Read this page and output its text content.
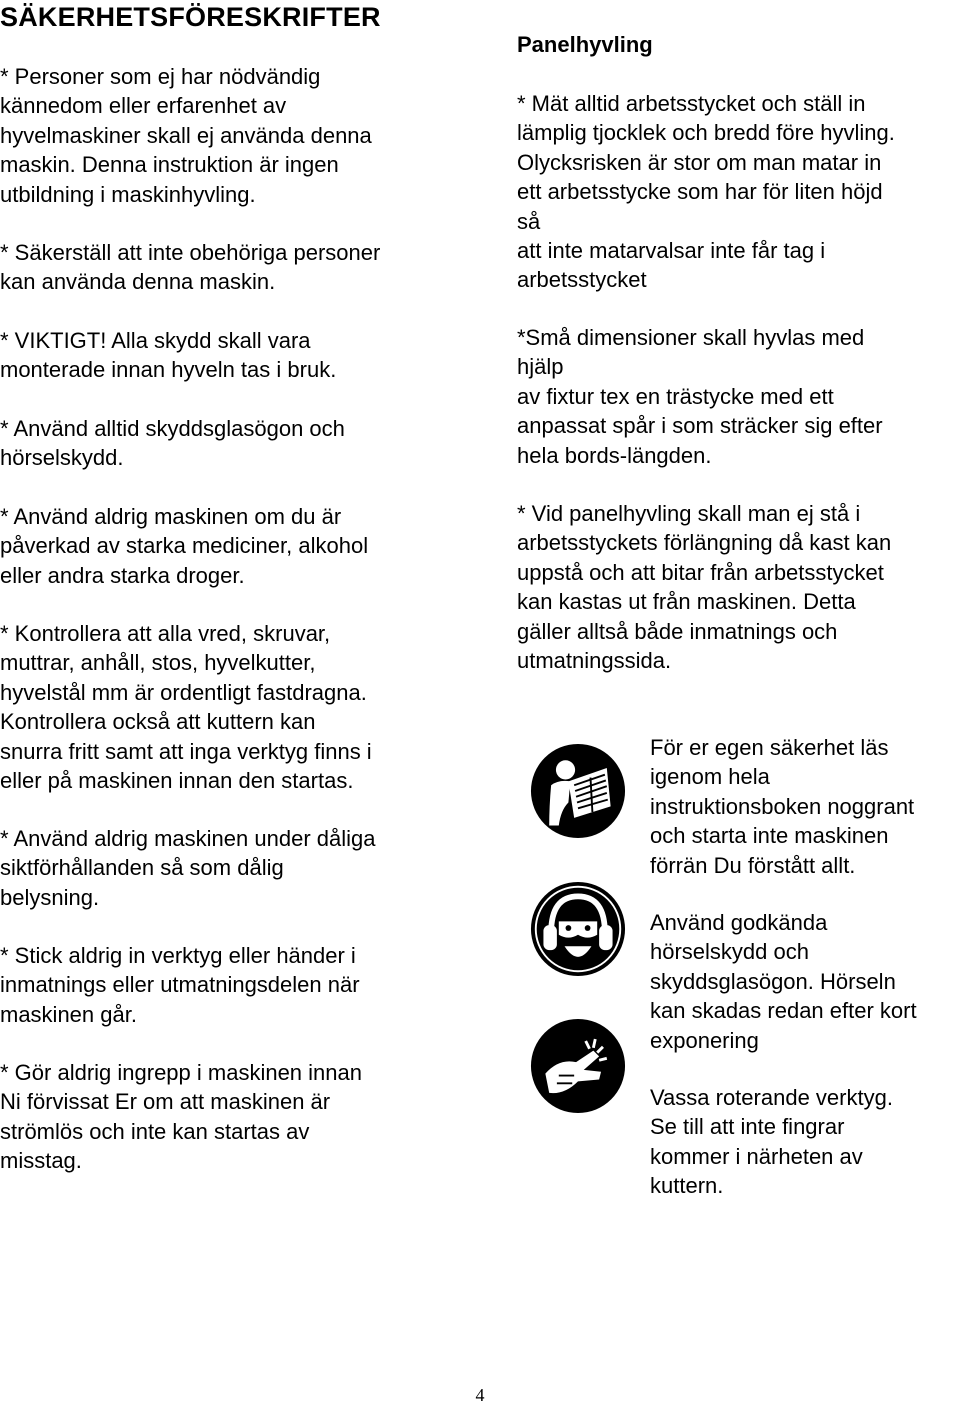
SÄKERHETSFÖRESKRIFTER

* Personer som ej har nödvändig
kännedom eller erfarenhet av
hyvelmaskiner skall ej använda denna
maskin. Denna instruktion är ingen
utbildning i maskinhyvling.

* Säkerställ att inte obehöriga personer
kan använda denna maskin.

* VIKTIGT! Alla skydd skall vara
monterade innan hyveln tas i bruk.

* Använd alltid skyddsglasögon och
hörselskydd.

* Använd aldrig maskinen om du är
påverkad av starka mediciner, alkohol
eller andra starka droger.

* Kontrollera att alla vred, skruvar,
muttrar, anhåll, stos, hyvelkutter,
hyvelstål mm är ordentligt fastdragna.
Kontrollera också att kuttern kan
snurra fritt samt att inga verktyg finns i
eller på maskinen innan den startas.

* Använd aldrig maskinen under dåliga
siktförhållanden så som dålig
belysning.

* Stick aldrig in verktyg eller händer i
inmatnings eller utmatningsdelen när
maskinen går.

* Gör aldrig ingrepp i maskinen innan
Ni förvissat Er om att maskinen är
strömlös och inte kan startas av
misstag.

Panelhyvling

* Mät alltid arbetsstycket och ställ in
lämplig tjocklek och bredd före hyvling.
Olycksrisken är stor om man matar in
ett arbetsstycke som har för liten höjd
så
att inte matarvalsar inte får tag i
arbetsstycket

*Små dimensioner skall hyvlas med
hjälp
av fixtur tex en trästycke med ett
anpassat spår i som sträcker sig efter
hela bords-längden.

* Vid panelhyvling skall man ej stå i
arbetsstyckets förlängning då kast kan
uppstå och att bitar från arbetsstycket
kan kastas ut från maskinen. Detta
gäller alltså både inmatnings och
utmatningssida.

För er egen säkerhet läs
igenom hela
instruktionsboken noggrant
och starta inte maskinen
förrän Du förstått allt.

Använd godkända
hörselskydd och
skyddsglasögon. Hörseln
kan skadas redan efter kort
exponering

Vassa roterande verktyg.
Se till att inte fingrar
kommer i närheten av
kuttern.

4
